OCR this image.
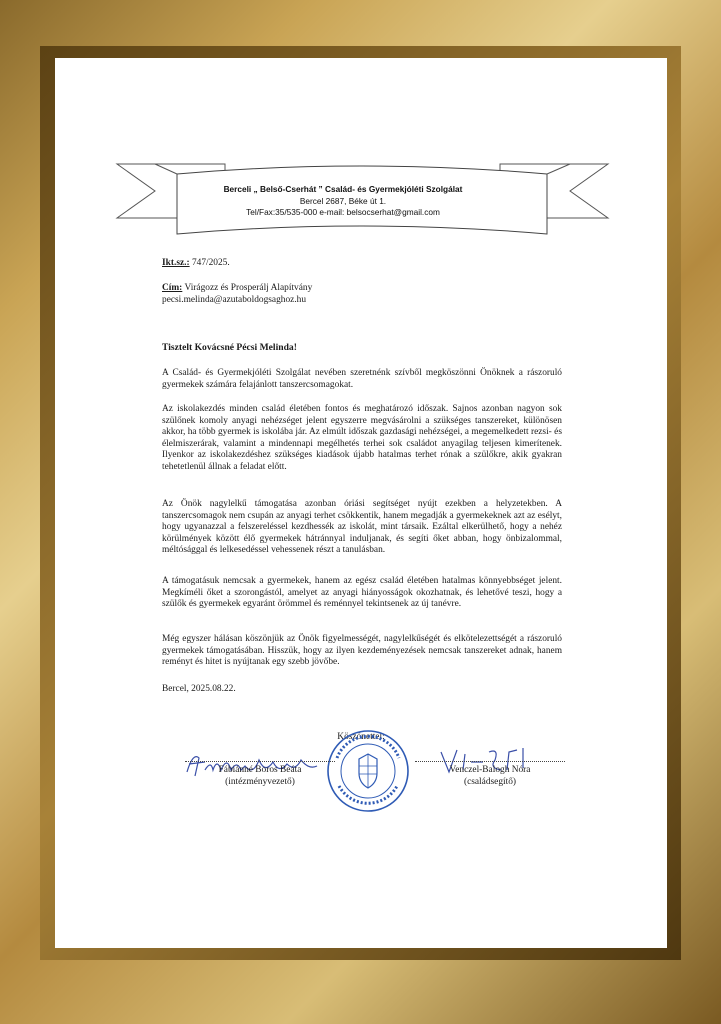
Berceli „ Belső-Cserhát ” Család- és Gyermekjóléti Szolgálat
Bercel 2687, Béke út 1.
Tel/Fax:35/535-000 e-mail: belsocserhat@gmail.com
Ikt.sz.: 747/2025.
Cím: Virágozz és Prosperálj Alapítvány
pecsi.melinda@azutaboldogsaghoz.hu
Tisztelt Kovácsné Pécsi Melinda!

A Család- és Gyermekjóléti Szolgálat nevében szeretnénk szívből megköszönni Önöknek a rászoruló gyermekek számára felajánlott tanszercsomagokat.

Az iskolakezdés minden család életében fontos és meghatározó időszak. Sajnos azonban nagyon sok szülőnek komoly anyagi nehézséget jelent egyszerre megvásárolni a szükséges tanszereket, különösen akkor, ha több gyermek is iskolába jár. Az elmúlt időszak gazdasági nehézségei, a megemelkedett rezsi- és élelmiszerárak, valamint a mindennapi megélhetés terhei sok családot anyagilag teljesen kimerítenek. Ilyenkor az iskolakezdéshez szükséges kiadások újabb hatalmas terhet rónak a szülőkre, akik gyakran tehetetlenül állnak a feladat előtt.

Az Önök nagylelkű támogatása azonban óriási segítséget nyújt ezekben a helyzetekben. A tanszercsomagok nem csupán az anyagi terhet csökkentik, hanem megadják a gyermekeknek azt az esélyt, hogy ugyanazzal a felszereléssel kezdhessék az iskolát, mint társaik. Ezáltal elkerülhető, hogy a nehéz körülmények között élő gyermekek hátránnyal induljanak, és segíti őket abban, hogy önbizalommal, méltósággal és lelkesedéssel vehessenek részt a tanulásban.

A támogatásuk nemcsak a gyermekek, hanem az egész család életében hatalmas könnyebbséget jelent. Megkíméli őket a szorongástól, amelyet az anyagi hiányosságok okozhatnak, és lehetővé teszi, hogy a szülők és gyermekek egyaránt örömmel és reménnyel tekintsenek az új tanévre.

Még egyszer hálásan köszönjük az Önök figyelmességét, nagylelkűségét és elkötelezettségét a rászoruló gyermekek támogatásában. Hisszük, hogy az ilyen kezdeményezések nemcsak tanszereket adnak, hanem reményt és hitet is nyújtanak egy szebb jövőbe.

Bercel, 2025.08.22.
Köszönettel:
Fábiánné Boros Beáta
(intézményvezető)
Venczel-Balogh Nóra
(családsegítő)
